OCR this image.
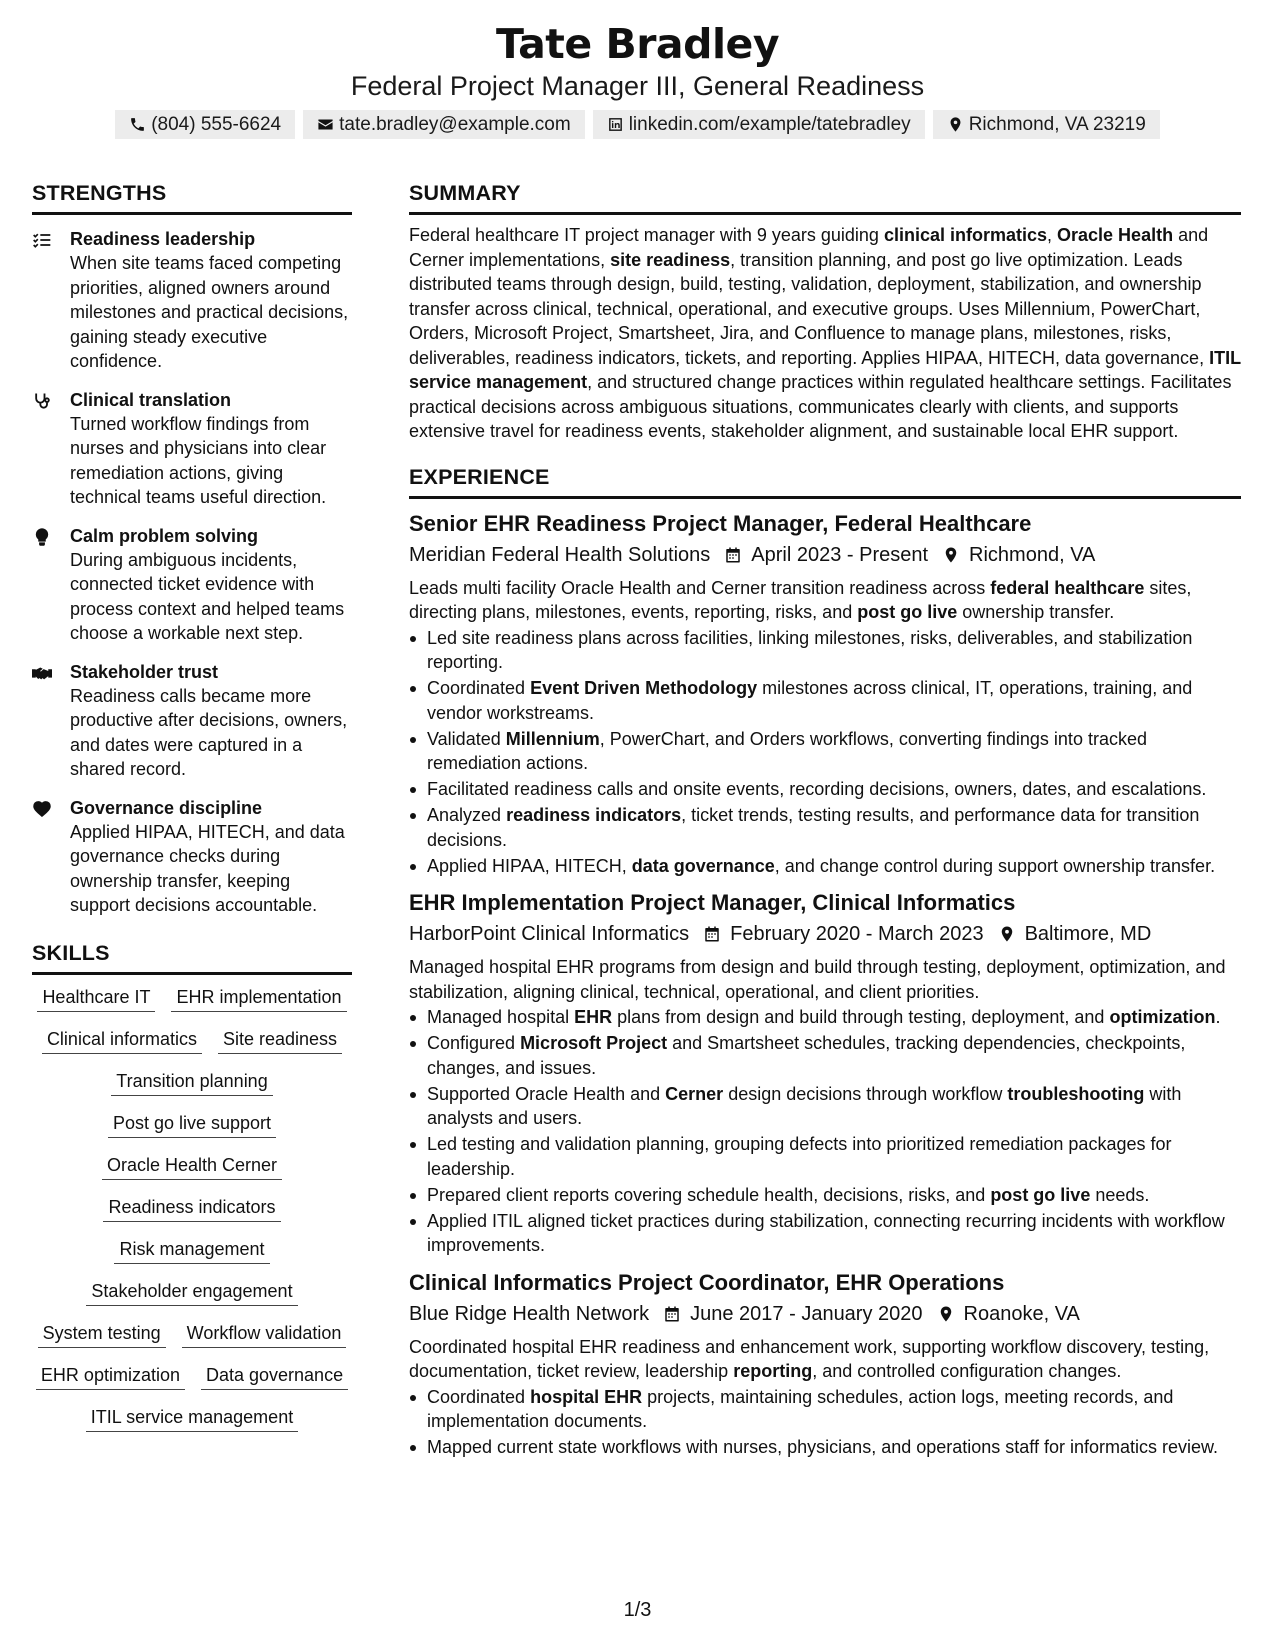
Tate Bradley
Federal Project Manager III, General Readiness
(804) 555-6624	tate.bradley@example.com	linkedin.com/example/tatebradley	Richmond, VA 23219
STRENGTHS
Readiness leadership
When site teams faced competing priorities, aligned owners around milestones and practical decisions, gaining steady executive confidence.
Clinical translation
Turned workflow findings from nurses and physicians into clear remediation actions, giving technical teams useful direction.
Calm problem solving
During ambiguous incidents, connected ticket evidence with process context and helped teams choose a workable next step.
Stakeholder trust
Readiness calls became more productive after decisions, owners, and dates were captured in a shared record.
Governance discipline
Applied HIPAA, HITECH, and data governance checks during ownership transfer, keeping support decisions accountable.
SKILLS
Healthcare IT EHR implementation
Clinical informatics Site readiness
Transition planning
Post go live support
Oracle Health Cerner
Readiness indicators
Risk management
Stakeholder engagement
System testing Workflow validation
EHR optimization Data governance
ITIL service management
SUMMARY
Federal healthcare IT project manager with 9 years guiding clinical informatics, Oracle Health and Cerner implementations, site readiness, transition planning, and post go live optimization. Leads distributed teams through design, build, testing, validation, deployment, stabilization, and ownership transfer across clinical, technical, operational, and executive groups. Uses Millennium, PowerChart, Orders, Microsoft Project, Smartsheet, Jira, and Confluence to manage plans, milestones, risks, deliverables, readiness indicators, tickets, and reporting. Applies HIPAA, HITECH, data governance, ITIL service management, and structured change practices within regulated healthcare settings. Facilitates practical decisions across ambiguous situations, communicates clearly with clients, and supports extensive travel for readiness events, stakeholder alignment, and sustainable local EHR support.
EXPERIENCE
Senior EHR Readiness Project Manager, Federal Healthcare
Meridian Federal Health Solutions April 2023 - Present Richmond, VA
Leads multi facility Oracle Health and Cerner transition readiness across federal healthcare sites, directing plans, milestones, events, reporting, risks, and post go live ownership transfer.
Led site readiness plans across facilities, linking milestones, risks, deliverables, and stabilization reporting.
Coordinated Event Driven Methodology milestones across clinical, IT, operations, training, and vendor workstreams.
Validated Millennium, PowerChart, and Orders workflows, converting findings into tracked remediation actions.
Facilitated readiness calls and onsite events, recording decisions, owners, dates, and escalations.
Analyzed readiness indicators, ticket trends, testing results, and performance data for transition decisions.
Applied HIPAA, HITECH, data governance, and change control during support ownership transfer.
EHR Implementation Project Manager, Clinical Informatics
HarborPoint Clinical Informatics February 2020 - March 2023 Baltimore, MD
Managed hospital EHR programs from design and build through testing, deployment, optimization, and stabilization, aligning clinical, technical, operational, and client priorities.
Managed hospital EHR plans from design and build through testing, deployment, and optimization.
Configured Microsoft Project and Smartsheet schedules, tracking dependencies, checkpoints, changes, and issues.
Supported Oracle Health and Cerner design decisions through workflow troubleshooting with analysts and users.
Led testing and validation planning, grouping defects into prioritized remediation packages for leadership.
Prepared client reports covering schedule health, decisions, risks, and post go live needs.
Applied ITIL aligned ticket practices during stabilization, connecting recurring incidents with workflow improvements.
Clinical Informatics Project Coordinator, EHR Operations
Blue Ridge Health Network June 2017 - January 2020 Roanoke, VA
Coordinated hospital EHR readiness and enhancement work, supporting workflow discovery, testing, documentation, ticket review, leadership reporting, and controlled configuration changes.
Coordinated hospital EHR projects, maintaining schedules, action logs, meeting records, and implementation documents.
Mapped current state workflows with nurses, physicians, and operations staff for informatics review.
1/3
